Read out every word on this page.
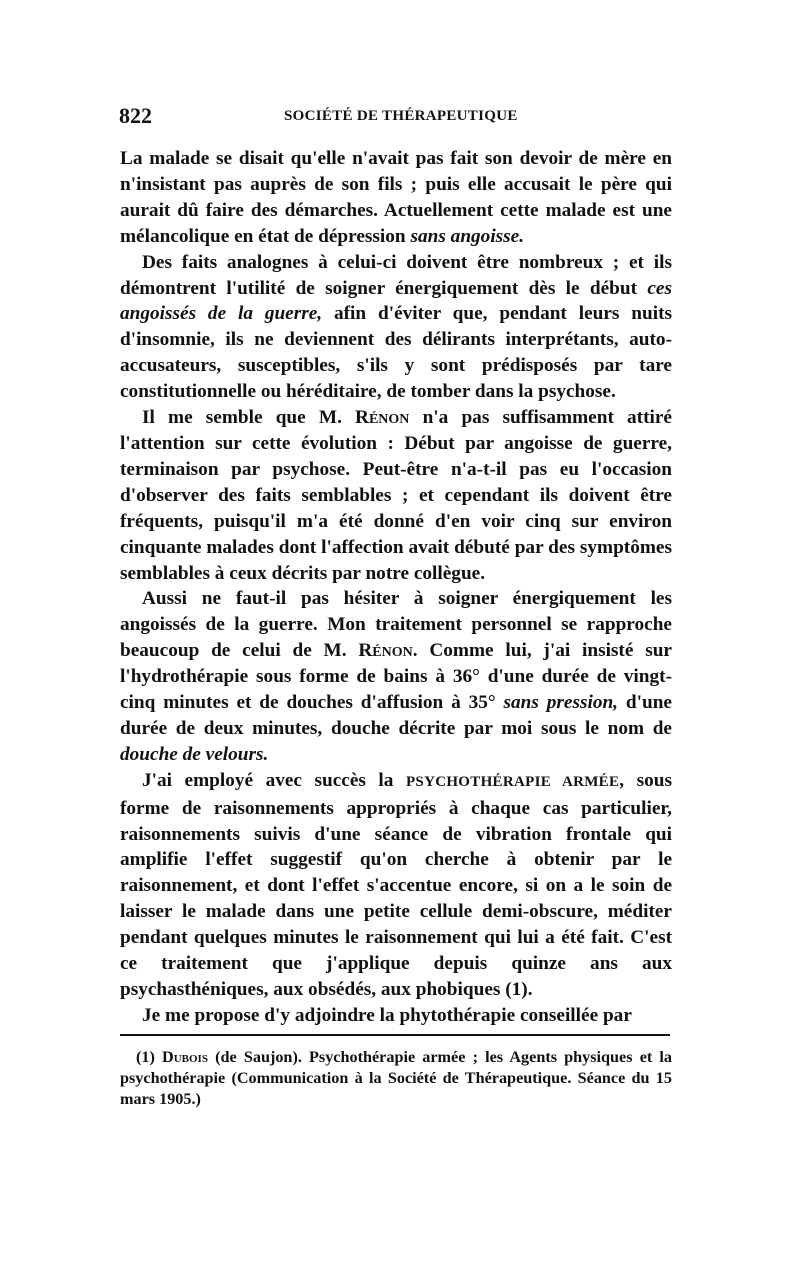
822	SOCIÉTÉ DE THÉRAPEUTIQUE

La malade se disait qu'elle n'avait pas fait son devoir de mère en n'insistant pas auprès de son fils ; puis elle accusait le père qui aurait dû faire des démarches. Actuellement cette malade est une mélancolique en état de dépression sans angoisse.

Des faits analognes à celui-ci doivent être nombreux ; et ils démontrent l'utilité de soigner énergiquement dès le début ces angoissés de la guerre, afin d'éviter que, pendant leurs nuits d'insomnie, ils ne deviennent des délirants interprétants, auto-accusateurs, susceptibles, s'ils y sont prédisposés par tare constitutionnelle ou héréditaire, de tomber dans la psychose.

Il me semble que M. Rénon n'a pas suffisamment attiré l'attention sur cette évolution : Début par angoisse de guerre, terminaison par psychose. Peut-être n'a-t-il pas eu l'occasion d'observer des faits semblables ; et cependant ils doivent être fréquents, puisqu'il m'a été donné d'en voir cinq sur environ cinquante malades dont l'affection avait débuté par des symptômes semblables à ceux décrits par notre collègue.

Aussi ne faut-il pas hésiter à soigner énergiquement les angoissés de la guerre. Mon traitement personnel se rapproche beaucoup de celui de M. Rénon. Comme lui, j'ai insisté sur l'hydrothérapie sous forme de bains à 36° d'une durée de vingt-cinq minutes et de douches d'affusion à 35° sans pression, d'une durée de deux minutes, douche décrite par moi sous le nom de douche de velours.

J'ai employé avec succès la PSYCHOTHÉRAPIE ARMÉE, sous forme de raisonnements appropriés à chaque cas particulier, raisonnements suivis d'une séance de vibration frontale qui amplifie l'effet suggestif qu'on cherche à obtenir par le raisonnement, et dont l'effet s'accentue encore, si on a le soin de laisser le malade dans une petite cellule demi-obscure, méditer pendant quelques minutes le raisonnement qui lui a été fait. C'est ce traitement que j'applique depuis quinze ans aux psychasthéniques, aux obsédés, aux phobiques (1).

Je me propose d'y adjoindre la phytothérapie conseillée par

(1) Dubois (de Saujon). Psychothérapie armée ; les Agents physiques et la psychothérapie (Communication à la Société de Thérapeutique. Séance du 15 mars 1905.)
